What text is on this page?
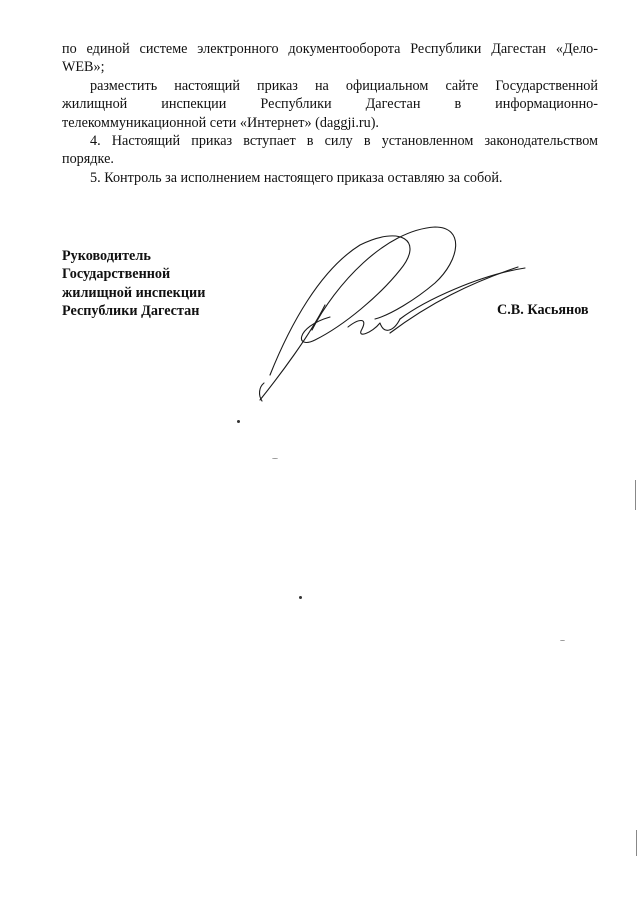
по единой системе электронного документооборота Республики Дагестан «Дело-
WEB»;

разместить настоящий приказ на официальном сайте Государственной
жилищной инспекции Республики Дагестан в информационно-
телекоммуникационной сети «Интернет» (daggji.ru).

4. Настоящий приказ вступает в силу в установленном законодательством
порядке.

5. Контроль за исполнением настоящего приказа оставляю за собой.

Руководитель
Государственной
жилищной инспекции
Республики Дагестан	С.В. Касьянов
